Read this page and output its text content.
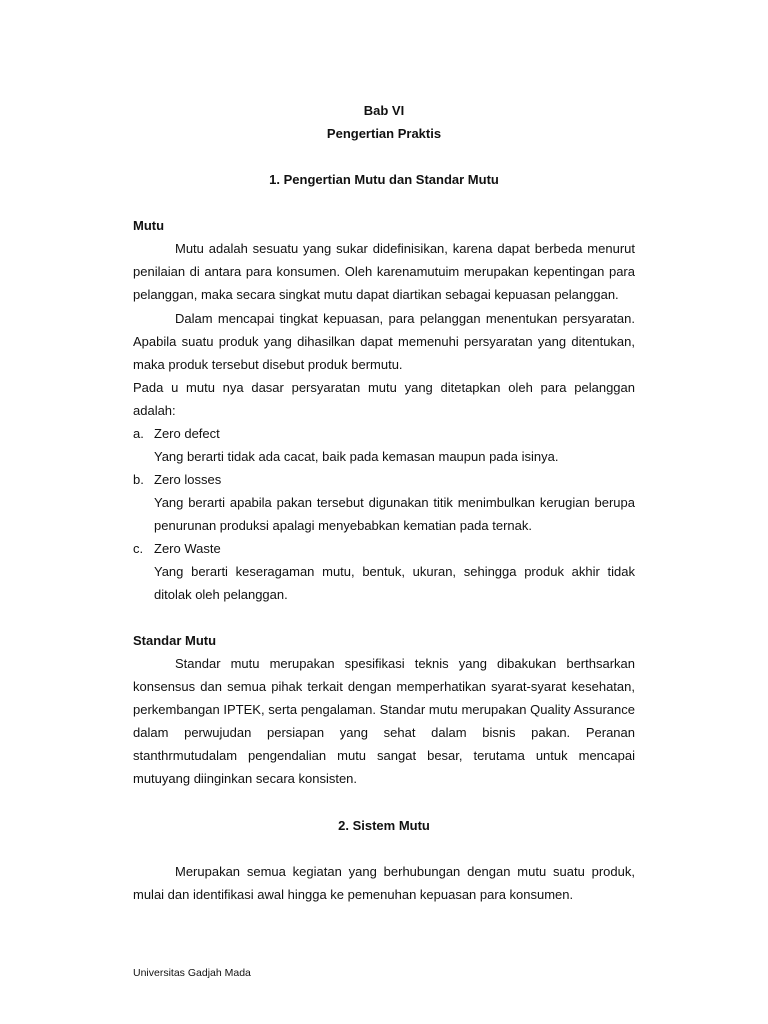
Bab VI
Pengertian Praktis
1. Pengertian Mutu dan Standar Mutu
Mutu

Mutu adalah sesuatu yang sukar didefinisikan, karena dapat berbeda menurut penilaian di antara para konsumen. Oleh karenamutuim merupakan kepentingan para pelanggan, maka secara singkat mutu dapat diartikan sebagai kepuasan pelanggan.

Dalam mencapai tingkat kepuasan, para pelanggan menentukan persyaratan. Apabila suatu produk yang dihasilkan dapat memenuhi persyaratan yang ditentukan, maka produk tersebut disebut produk bermutu.

Pada u mutu nya dasar persyaratan mutu yang ditetapkan oleh para pelanggan adalah:

a. Zero defect

Yang berarti tidak ada cacat, baik pada kemasan maupun pada isinya.

b. Zero losses

Yang berarti apabila pakan tersebut digunakan titik menimbulkan kerugian berupa penurunan produksi apalagi menyebabkan kematian pada ternak.

c. Zero Waste

Yang berarti keseragaman mutu, bentuk, ukuran, sehingga produk akhir tidak ditolak oleh pelanggan.

Standar Mutu

Standar mutu merupakan spesifikasi teknis yang dibakukan berthsarkan konsensus dan semua pihak terkait dengan memperhatikan syarat-syarat kesehatan, perkembangan IPTEK, serta pengalaman. Standar mutu merupakan Quality Assurance dalam perwujudan persiapan yang sehat dalam bisnis pakan. Peranan stanthrmutudalam pengendalian mutu sangat besar, terutama untuk mencapai mutuyang diinginkan secara konsisten.

2. Sistem Mutu

Merupakan semua kegiatan yang berhubungan dengan mutu suatu produk, mulai dan identifikasi awal hingga ke pemenuhan kepuasan para konsumen.

Universitas Gadjah Mada
